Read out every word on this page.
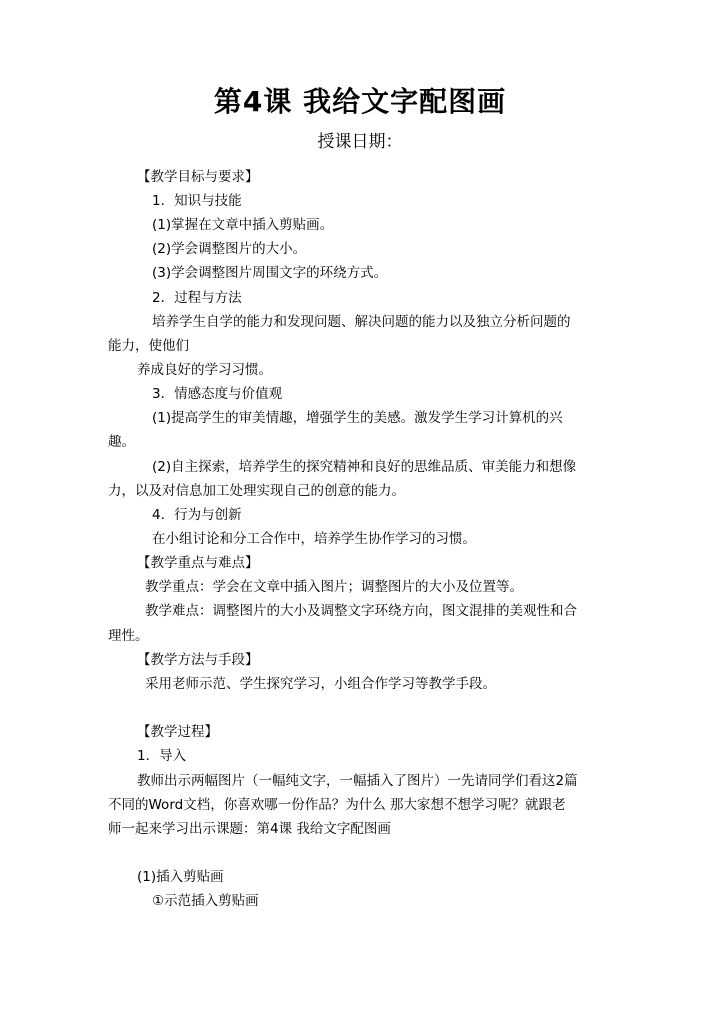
第4课 我给文字配图画
授课日期：
【教学目标与要求】
1．知识与技能
(1)掌握在文章中插入剪贴画。
(2)学会调整图片的大小。
(3)学会调整图片周围文字的环绕方式。
2．过程与方法
培养学生自学的能力和发现问题、解决问题的能力以及独立分析问题的
能力，使他们
养成良好的学习习惯。
3．情感态度与价值观
(1)提高学生的审美情趣，增强学生的美感。激发学生学习计算机的兴
趣。
(2)自主探索，培养学生的探究精神和良好的思维品质、审美能力和想像
力，以及对信息加工处理实现自己的创意的能力。
4．行为与创新
在小组讨论和分工合作中，培养学生协作学习的习惯。
【教学重点与难点】
教学重点：学会在文章中插入图片；调整图片的大小及位置等。
教学难点：调整图片的大小及调整文字环绕方向，图文混排的美观性和合
理性。
【教学方法与手段】
采用老师示范、学生探究学习，小组合作学习等教学手段。
【教学过程】
1．导入
教师出示两幅图片（一幅纯文字，一幅插入了图片）一先请同学们看这2篇
不同的Word文档，你喜欢哪一份作品？为什么 那大家想不想学习呢？就跟老
师一起来学习出示课题：第4课 我给文字配图画
(1)插入剪贴画
①示范插入剪贴画
